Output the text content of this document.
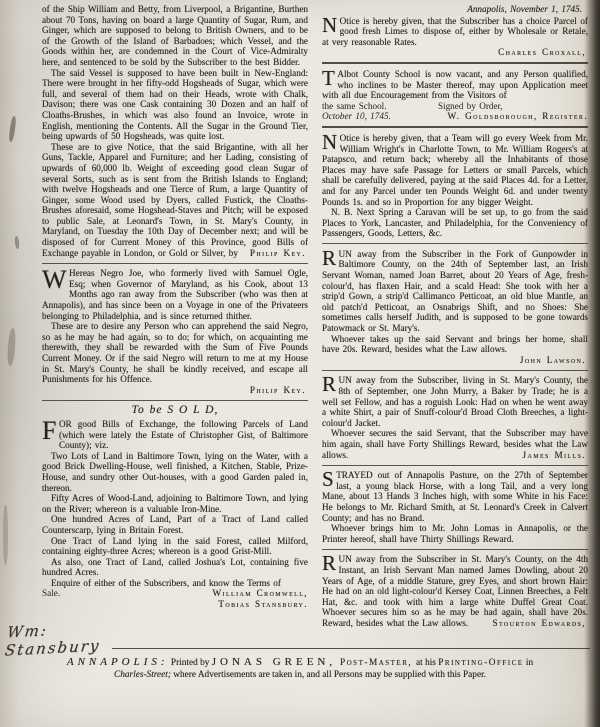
of the Ship William and Betty, from Liverpool, a Brigantine, Burthen about 70 Tons, having on board a large Quantity of Sugar, Rum, and Ginger, which are supposed to belong to British Owners, and to be of the Growth of the Island of Barbadoes; which Vessel, and the Goods within her, are condemned in the Court of Vice-Admiralty here, and sentenced to be sold by the Subscriber to the best Bidder.

The said Vessel is supposed to have been built in New-England: There were brought in her fifty-odd Hogsheads of Sugar, which were full, and several of them had on their Heads, wrote with Chalk, Davison; there was one Cask containing 30 Dozen and an half of Cloaths-Brushes, in which was also found an Invoice, wrote in English, mentioning the Contents. All the Sugar in the Ground Tier, being upwards of 50 Hogsheads, was quite lost.

These are to give Notice, that the said Brigantine, with all her Guns, Tackle, Apparel and Furniture; and her Lading, consisting of upwards of 60,000 lb. Weight of exceeding good clean Sugar of several Sorts, such as is sent from the British Islands to England; with twelve Hogsheads and one Tierce of Rum, a large Quantity of Ginger, some Wood used by Dyers, called Fustick, the Cloaths-Brushes aforesaid, some Hogshead-Staves and Pitch; will be exposed to public Sale, at Leonard's Town, in St. Mary's County, in Maryland, on Tuesday the 10th Day of December next; and will be disposed of for Current Money of this Province, good Bills of Exchange payable in London, or Gold or Silver, by	Philip Key.

W Hereas Negro Joe, who formerly lived with Samuel Ogle, Esq; when Governor of Maryland, as his Cook, about 13 Months ago ran away from the Subscriber (who was then at Annapolis), and has since been on a Voyage in one of the Privateers belonging to Philadelphia, and is since returned thither.

These are to desire any Person who can apprehend the said Negro, so as he may be had again, so to do; for which, on acquainting me therewith, they shall be rewarded with the Sum of Five Pounds Current Money. Or if the said Negro will return to me at my House in St. Mary's County, he shall be kindly received, and escape all Punishments for his Offence.

Philip Key.
To be S O L D,

FOR good Bills of Exchange, the following Parcels of Land (which were lately the Estate of Christopher Gist, of Baltimore County); viz.

Two Lots of Land in Baltimore Town, lying on the Water, with a good Brick Dwelling-House, well finished, a Kitchen, Stable, Prize-House, and sundry other Out-houses, with a good Garden paled in, thereon.

Fifty Acres of Wood-Land, adjoining to Baltimore Town, and lying on the River; whereon is a valuable Iron-Mine.

One hundred Acres of Land, Part of a Tract of Land called Counterscarp, lying in Britain Forest.

One Tract of Land lying in the said Forest, called Milford, containing eighty-three Acres; whereon is a good Grist-Mill.

As also, one Tract of Land, called Joshua's Lot, containing five hundred Acres.

Enquire of either of the Subscribers, and know the Terms of

Sale.	William Cromwell,
Tobias Stansbury.
Annapolis, November 1, 1745.

N Otice is hereby given, that the Subscriber has a choice Parcel of good fresh Limes to dispose of, either by Wholesale or Retale, at very reasonable Rates.

Charles Croxall,

T Albot County School is now vacant, and any Person qualified, who inclines to be Master thereof, may upon Application meet with all due Encouragement from the Visitors of

the same School.	Signed by Order,
October 10, 1745.	W. Goldsborough, Register.

N Otice is hereby given, that a Team will go every Week from Mr. William Wright's in Charlotte Town, to Mr. William Rogers's at Patapsco, and return back; whereby all the Inhabitants of those Places may have safe Passage for Letters or small Parcels, which shall be carefully delivered, paying at the said Places 4d. for a Letter, and for any Parcel under ten Pounds Weight 6d. and under twenty Pounds 1s. and so in Proportion for any bigger Weight.

N. B. Next Spring a Caravan will be set up, to go from the said Places to York, Lancaster, and Philadelphia, for the Conveniency of Passengers, Goods, Letters, &c.

RUN away from the Subscriber in the Fork of Gunpowder in Baltimore County, on the 24th of September last, an Irish Servant Woman, named Joan Barret, about 20 Years of Age, fresh-colour'd, has flaxen Hair, and a scald Head: She took with her a strip'd Gown, a strip'd Callimanco Petticoat, an old blue Mantle, an old patch'd Petticoat, an Osnabrigs Shift, and no Shoes: She sometimes calls herself Judith, and is supposed to be gone towards Patowmack or St. Mary's.

Whoever takes up the said Servant and brings her home, shall have 20s. Reward, besides what the Law allows.

John Lawson.

RUN away from the Subscriber, living in St. Mary's County, the 8th of September, one John Murry, a Baker by Trade; he is a well set Fellow, and has a roguish Look: Had on when he went away a white Shirt, a pair of Snuff-colour'd Broad Cloth Breeches, a light-colour'd Jacket.

Whoever secures the said Servant, that the Subscriber may have him again, shall have Forty Shillings Reward, besides what the Law allows.	James Mills.

STRAYED out of Annapolis Pasture, on the 27th of September last, a young black Horse, with a long Tail, and a very long Mane, about 13 Hands 3 Inches high, with some White in his Face: He belongs to Mr. Richard Smith, at St. Leonard's Creek in Calvert County; and has no Brand.

Whoever brings him to Mr. John Lomas in Annapolis, or the Printer hereof, shall have Thirty Shillings Reward.

RUN away from the Subscriber in St. Mary's County, on the 4th Instant, an Irish Servant Man named James Dowling, about 20 Years of Age, of a middle Stature, grey Eyes, and short brown Hair: He had on an old light-colour'd Kersey Coat, Linnen Breeches, a Felt Hat, &c. and took with him a large white Duffel Great Coat. Whoever secures him so as he may be had again, shall have 20s. Reward, besides what the Law allows.	Stourton Edwards,
Wm: Stansbury
ANNAPOLIS: Printed by JONAS GREEN, Post-Master, at his Printing-Office in
Charles-Street; where Advertisements are taken in, and all Persons may be supplied with this Paper.
